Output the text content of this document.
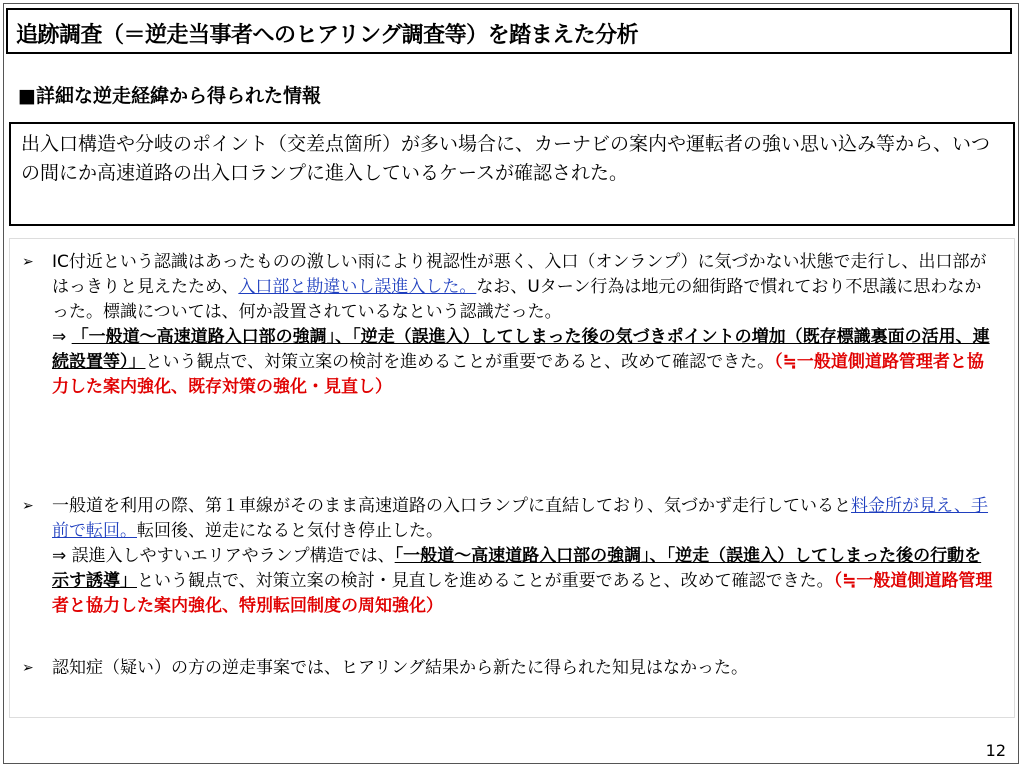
追跡調査（＝逆走当事者へのヒアリング調査等）を踏まえた分析
■詳細な逆走経緯から得られた情報
出入口構造や分岐のポイント（交差点箇所）が多い場合に、カーナビの案内や運転者の強い思い込み等から、いつの間にか高速道路の出入口ランプに進入しているケースが確認された。
➢ IC付近という認識はあったものの激しい雨により視認性が悪く、入口（オンランプ）に気づかない状態で走行し、出口部がはっきりと見えたため、入口部と勘違いし誤進入した。なお、Uターン行為は地元の細街路で慣れており不思議に思わなかった。標識については、何か設置されているなという認識だった。

⇒ 「一般道～高速道路入口部の強調」、「逆走（誤進入）してしまった後の気づきポイントの増加（既存標識裏面の活用、連続設置等）」という観点で、対策立案の検討を進めることが重要であると、改めて確認できた。（≒一般道側道路管理者と協力した案内強化、既存対策の強化・見直し）

➢ 一般道を利用の際、第１車線がそのまま高速道路の入口ランプに直結しており、気づかず走行していると料金所が見え、手前で転回。転回後、逆走になると気付き停止した。

⇒ 誤進入しやすいエリアやランプ構造では、「一般道～高速道路入口部の強調」、「逆走（誤進入）してしまった後の行動を示す誘導」という観点で、対策立案の検討・見直しを進めることが重要であると、改めて確認できた。（≒一般道側道路管理者と協力した案内強化、特別転回制度の周知強化）

➢ 認知症（疑い）の方の逆走事案では、ヒアリング結果から新たに得られた知見はなかった。

12
